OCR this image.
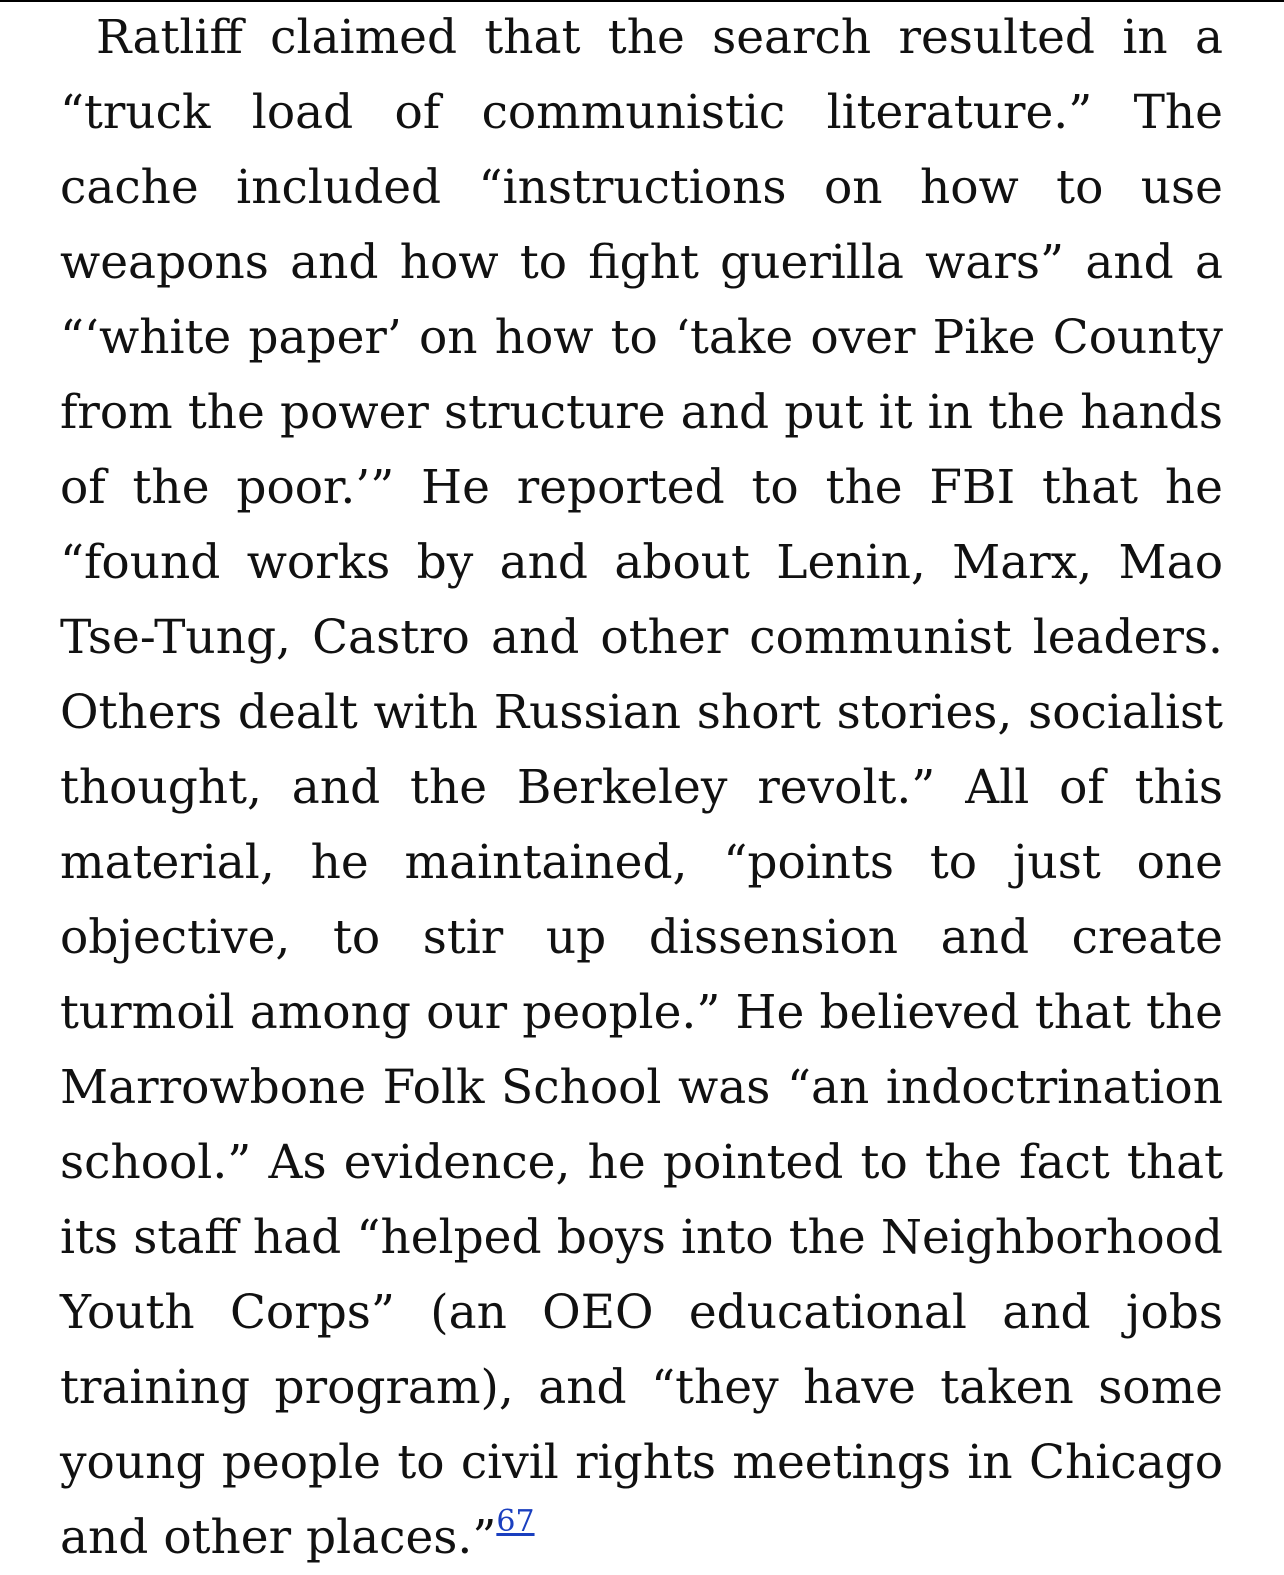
Ratliff claimed that the search resulted in a “truck load of communistic literature.” The cache included “instructions on how to use weapons and how to fight guerilla wars” and a “‘white paper’ on how to ‘take over Pike County from the power structure and put it in the hands of the poor.’” He reported to the FBI that he “found works by and about Lenin, Marx, Mao Tse-Tung, Castro and other communist leaders. Others dealt with Russian short stories, socialist thought, and the Berkeley revolt.” All of this material, he maintained, “points to just one objective, to stir up dissension and create turmoil among our people.” He believed that the Marrowbone Folk School was “an indoctrination school.” As evidence, he pointed to the fact that its staff had “helped boys into the Neighborhood Youth Corps” (an OEO educational and jobs training program), and “they have taken some young people to civil rights meetings in Chicago and other places.”$^{67}$
